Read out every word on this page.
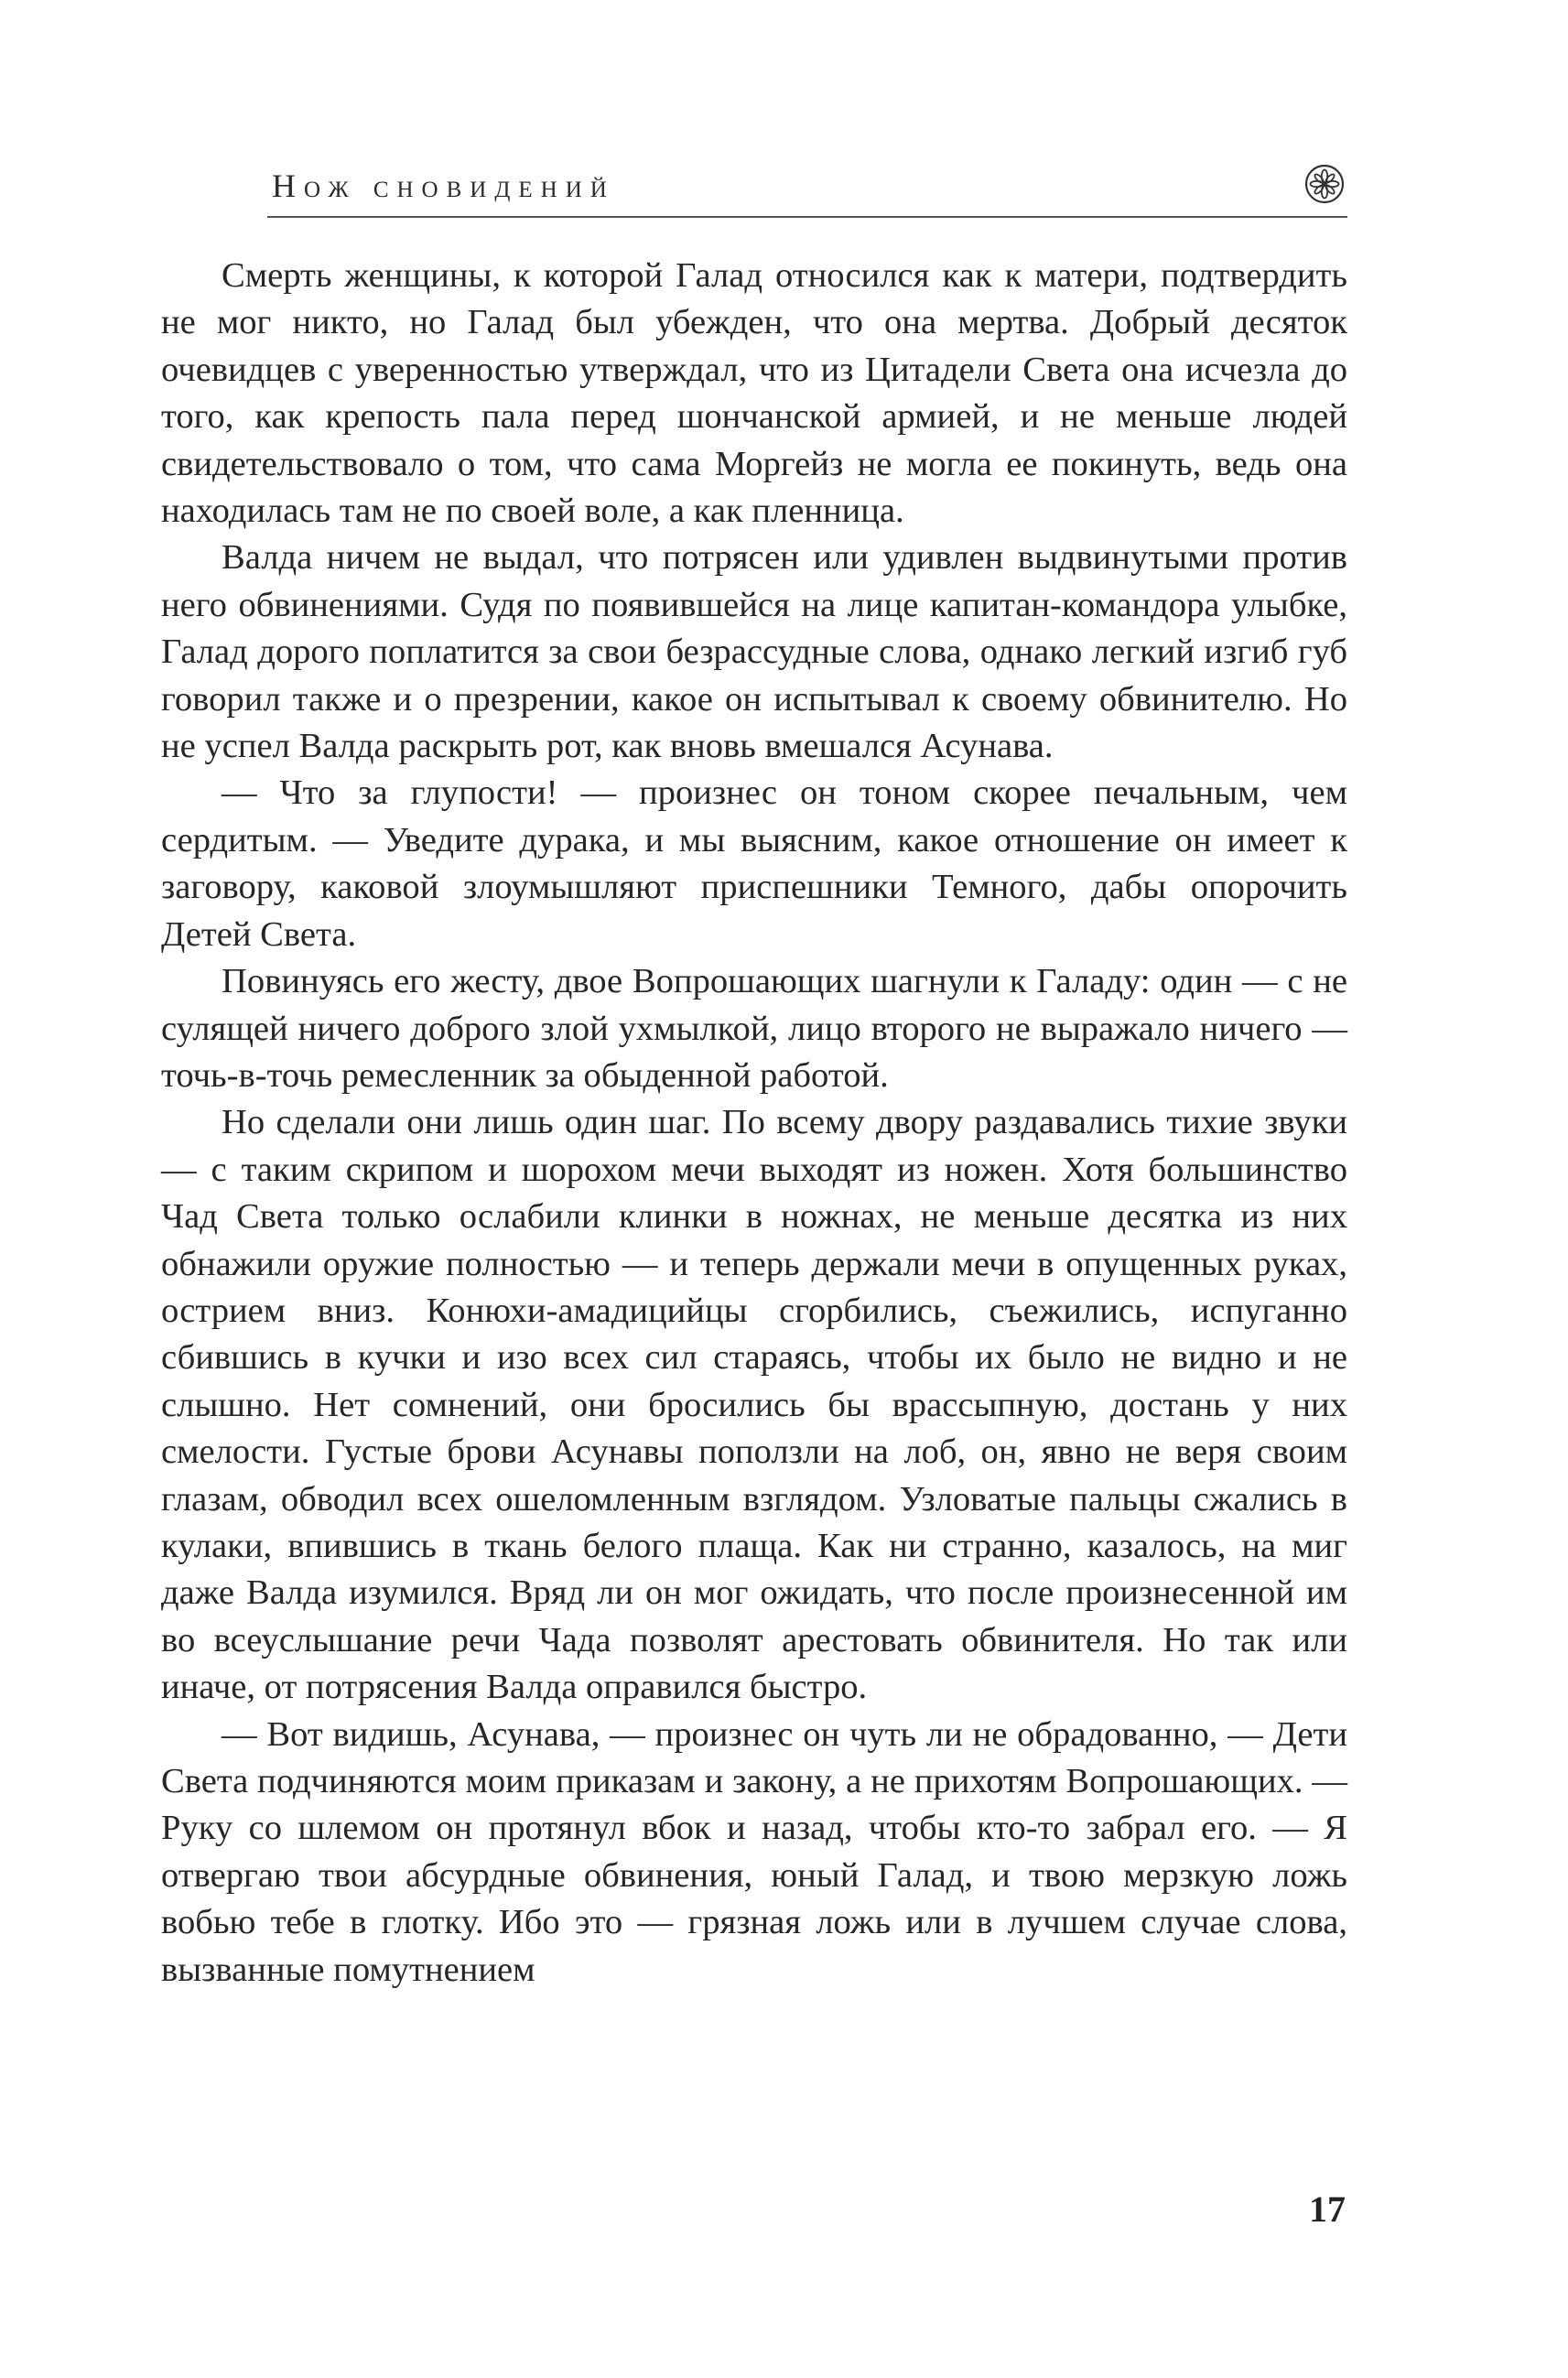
Нож сновидений

Смерть женщины, к которой Галад относился как к матери, подтвердить не мог никто, но Галад был убежден, что она мертва. Добрый десяток очевидцев с уверенностью утверждал, что из Цитадели Света она исчезла до того, как крепость пала перед шончанской армией, и не меньше людей свидетельствовало о том, что сама Моргейз не могла ее покинуть, ведь она находилась там не по своей воле, а как пленница.

Валда ничем не выдал, что потрясен или удивлен выдвинутыми против него обвинениями. Судя по появившейся на лице капитан-командора улыбке, Галад дорого поплатится за свои безрассудные слова, однако легкий изгиб губ говорил также и о презрении, какое он испытывал к своему обвинителю. Но не успел Валда раскрыть рот, как вновь вмешался Асунава.

— Что за глупости! — произнес он тоном скорее печальным, чем сердитым. — Уведите дурака, и мы выясним, какое отношение он имеет к заговору, каковой злоумышляют приспешники Темного, дабы опорочить Детей Света.

Повинуясь его жесту, двое Вопрошающих шагнули к Галаду: один — с не сулящей ничего доброго злой ухмылкой, лицо второго не выражало ничего — точь-в-точь ремесленник за обыденной работой.

Но сделали они лишь один шаг. По всему двору раздавались тихие звуки — с таким скрипом и шорохом мечи выходят из ножен. Хотя большинство Чад Света только ослабили клинки в ножнах, не меньше десятка из них обнажили оружие полностью — и теперь держали мечи в опущенных руках, острием вниз. Конюхи-амадицийцы сгорбились, съежились, испуганно сбившись в кучки и изо всех сил стараясь, чтобы их было не видно и не слышно. Нет сомнений, они бросились бы врассыпную, достань у них смелости. Густые брови Асунавы поползли на лоб, он, явно не веря своим глазам, обводил всех ошеломленным взглядом. Узловатые пальцы сжались в кулаки, впившись в ткань белого плаща. Как ни странно, казалось, на миг даже Валда изумился. Вряд ли он мог ожидать, что после произнесенной им во всеуслышание речи Чада позволят арестовать обвинителя. Но так или иначе, от потрясения Валда оправился быстро.

— Вот видишь, Асунава, — произнес он чуть ли не обрадованно, — Дети Света подчиняются моим приказам и закону, а не прихотям Вопрошающих. — Руку со шлемом он протянул вбок и назад, чтобы кто-то забрал его. — Я отвергаю твои абсурдные обвинения, юный Галад, и твою мерзкую ложь вобью тебе в глотку. Ибо это — грязная ложь или в лучшем случае слова, вызванные помутнением

17
